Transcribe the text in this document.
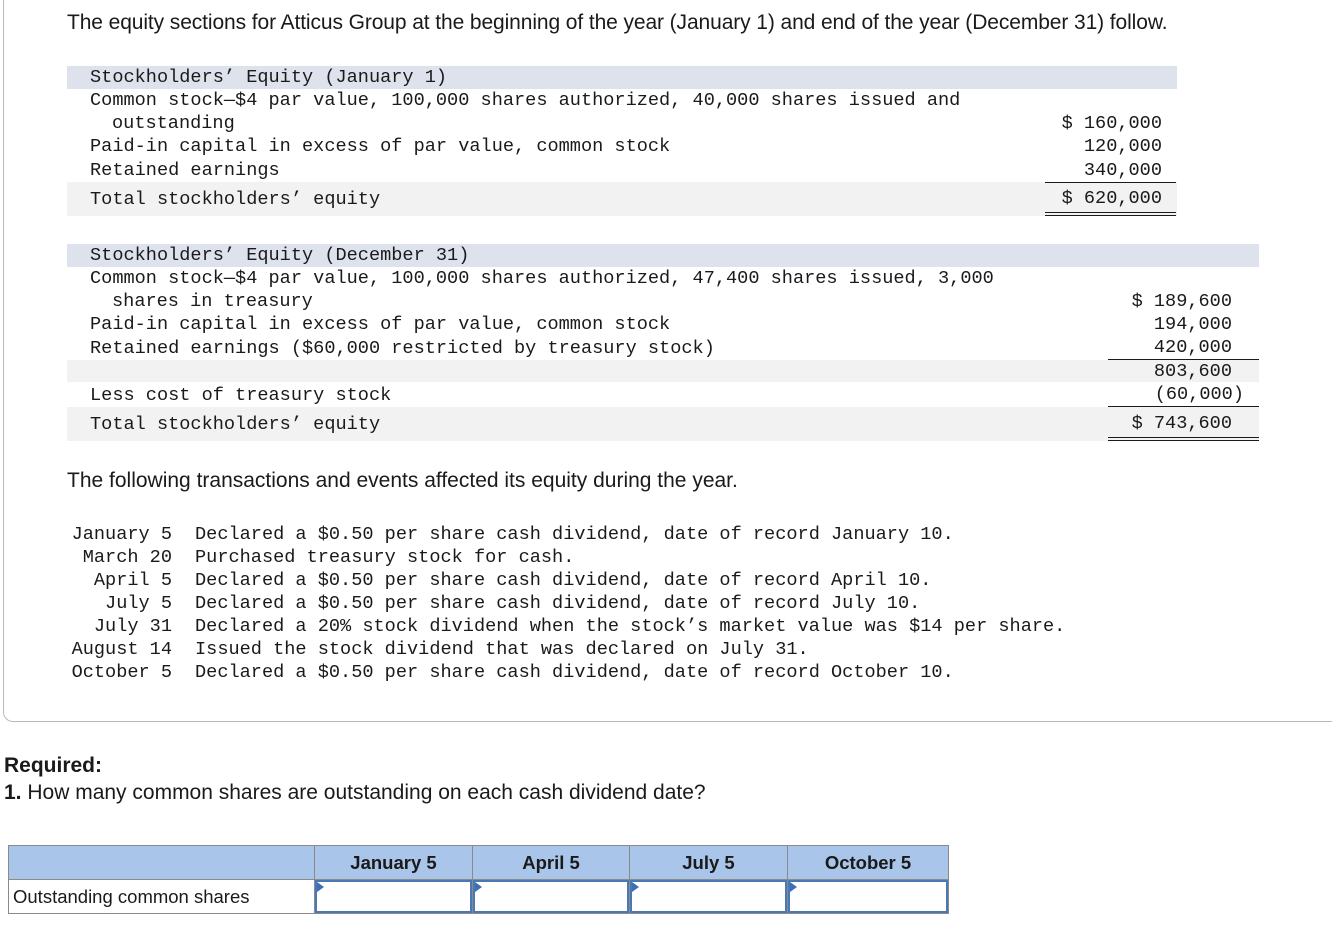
The equity sections for Atticus Group at the beginning of the year (January 1) and end of the year (December 31) follow.
Stockholders’ Equity (January 1)
Common stock—$4 par value, 100,000 shares authorized, 40,000 shares issued and
outstanding	$ 160,000
Paid-in capital in excess of par value, common stock	120,000
Retained earnings	340,000
Total stockholders’ equity	$ 620,000
Stockholders’ Equity (December 31)
Common stock—$4 par value, 100,000 shares authorized, 47,400 shares issued, 3,000
shares in treasury	$ 189,600
Paid-in capital in excess of par value, common stock	194,000
Retained earnings ($60,000 restricted by treasury stock)	420,000
803,600
Less cost of treasury stock	(60,000)
Total stockholders’ equity	$ 743,600
The following transactions and events affected its equity during the year.
January 5 Declared a $0.50 per share cash dividend, date of record January 10.
March 20 Purchased treasury stock for cash.
April 5 Declared a $0.50 per share cash dividend, date of record April 10.
July 5 Declared a $0.50 per share cash dividend, date of record July 10.
July 31 Declared a 20% stock dividend when the stock’s market value was $14 per share.
August 14 Issued the stock dividend that was declared on July 31.
October 5 Declared a $0.50 per share cash dividend, date of record October 10.
Required:
1. How many common shares are outstanding on each cash dividend date?
	January 5	April 5	July 5	October 5
Outstanding common shares	
